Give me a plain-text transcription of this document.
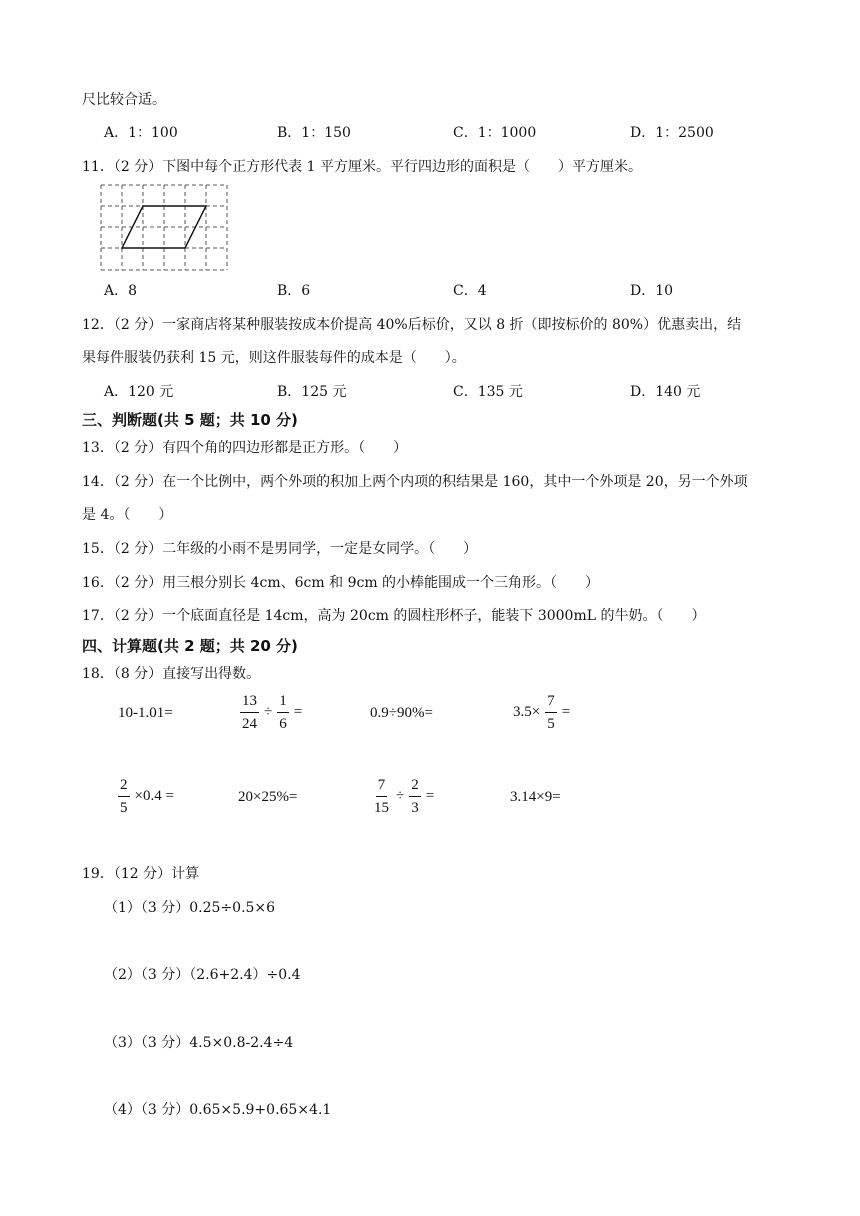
尺比较合适。
A．1：100	B．1：150	C．1：1000	D．1：2500
11．（2 分）下图中每个正方形代表 1 平方厘米。平行四边形的面积是（　　）平方厘米。
A．8	B．6	C．4	D．10
12．（2 分）一家商店将某种服装按成本价提高 40%后标价，又以 8 折（即按标价的 80%）优惠卖出，结
果每件服装仍获利 15 元，则这件服装每件的成本是（　　）。
A．120 元	B．125 元	C．135 元	D．140 元
三、判断题(共 5 题；共 10 分)
13．（2 分）有四个角的四边形都是正方形。（　　）
14．（2 分）在一个比例中，两个外项的积加上两个内项的积结果是 160，其中一个外项是 20，另一个外项
是 4。（　　）
15．（2 分）二年级的小雨不是男同学，一定是女同学。（　　）
16．（2 分）用三根分别长 4cm、6cm 和 9cm 的小棒能围成一个三角形。（　　）
17．（2 分）一个底面直径是 14cm，高为 20cm 的圆柱形杯子，能装下 3000mL 的牛奶。（　　）
四、计算题(共 2 题；共 20 分)
18．（8 分）直接写出得数。
10-1.01=	$\frac{13}{24} \div \frac{1}{6}$ =	0.9÷90%=	$3.5\times \frac{7}{5}$ =
$\frac{2}{5} \times 0.4$ =	20×25%=	$\frac{7}{15} \div \frac{2}{3}$ =	3.14×9=
19．（12 分）计算
（1）（3 分）0.25÷0.5×6
（2）（3 分）（2.6+2.4）÷0.4
（3）（3 分）4.5×0.8-2.4÷4
（4）（3 分）0.65×5.9+0.65×4.1
